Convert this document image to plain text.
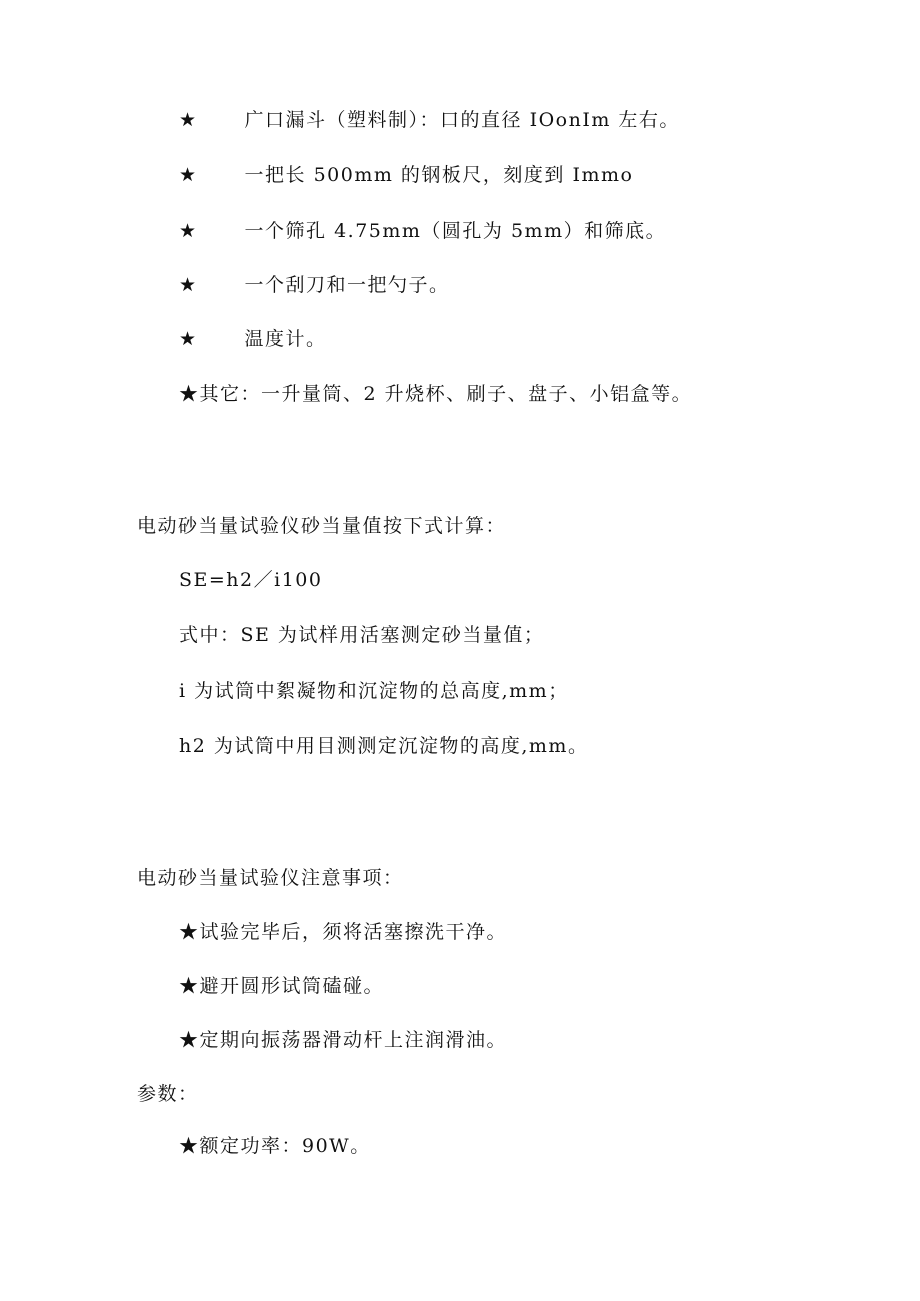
★ 广口漏斗（塑料制）：口的直径 IOonIm 左右。
★ 一把长 500mm 的钢板尺，刻度到 Immo
★ 一个筛孔 4.75mm（圆孔为 5mm）和筛底。
★ 一个刮刀和一把勺子。
★ 温度计。
★其它：一升量筒、2 升烧杯、刷子、盘子、小铝盒等。
电动砂当量试验仪砂当量值按下式计算：
SE=h2／i100
式中：SE 为试样用活塞测定砂当量值；
i 为试筒中絮凝物和沉淀物的总高度,mm；
h2 为试筒中用目测测定沉淀物的高度,mm。
电动砂当量试验仪注意事项：
★试验完毕后，须将活塞擦洗干净。
★避开圆形试筒磕碰。
★定期向振荡器滑动杆上注润滑油。
参数：
★额定功率：90W。
